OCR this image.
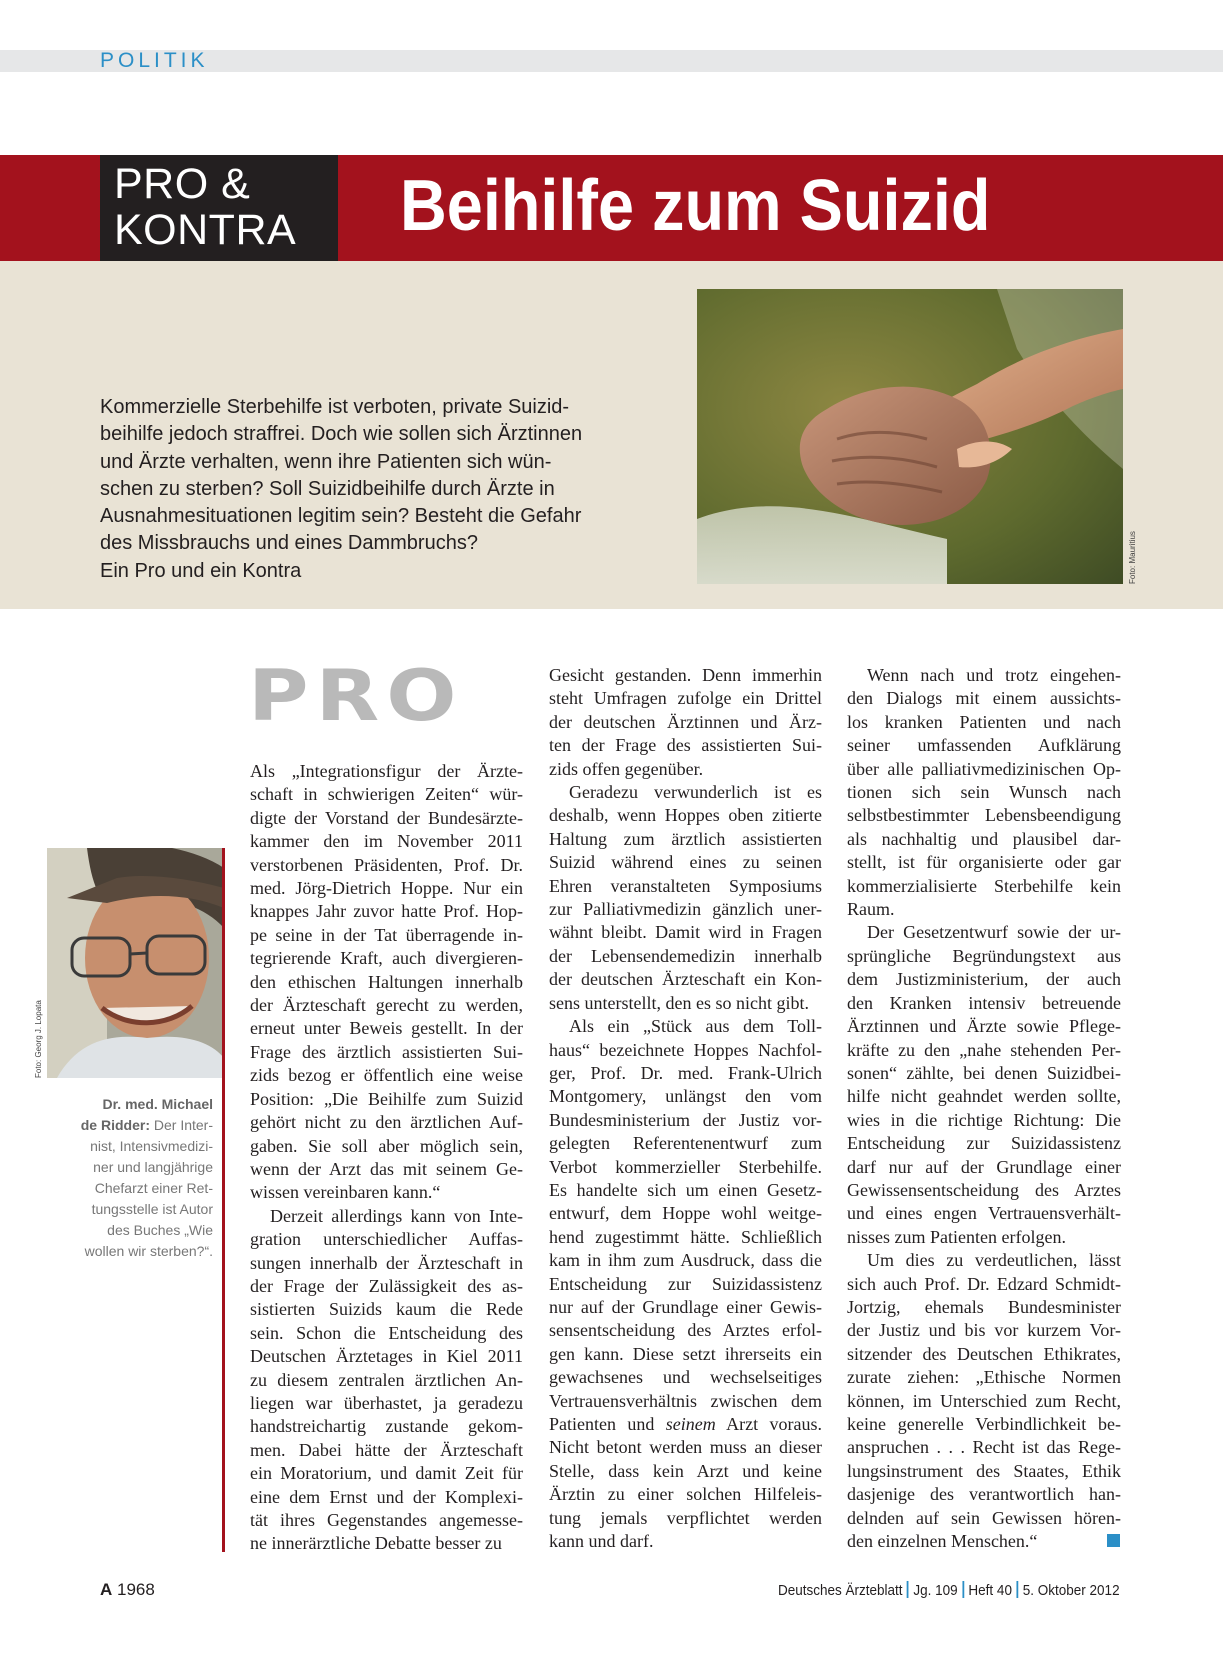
POLITIK
PRO &
KONTRA	Beihilfe zum Suizid
Kommerzielle Sterbehilfe ist verboten, private Suizid-
beihilfe jedoch straffrei. Doch wie sollen sich Ärztinnen
und Ärzte verhalten, wenn ihre Patienten sich wün-
schen zu sterben? Soll Suizidbeihilfe durch Ärzte in
Ausnahmesituationen legitim sein? Besteht die Gefahr
des Missbrauchs und eines Dammbruchs?
Ein Pro und ein Kontra	Foto: Mauritius
PRO
Foto: Georg J. Lopata
Dr. med. Michael
de Ridder: Der Inter-
nist, Intensivmedizi-
ner und langjährige
Chefarzt einer Ret-
tungsstelle ist Autor
des Buches „Wie
wollen wir sterben?“.

Als „Integrationsfigur der Ärzte-
schaft in schwierigen Zeiten“ wür-
digte der Vorstand der Bundesärzte-
kammer den im November 2011
verstorbenen Präsidenten, Prof. Dr.
med. Jörg-Dietrich Hoppe. Nur ein
knappes Jahr zuvor hatte Prof. Hop-
pe seine in der Tat überragende in-
tegrierende Kraft, auch divergieren-
den ethischen Haltungen innerhalb
der Ärzteschaft gerecht zu werden,
erneut unter Beweis gestellt. In der
Frage des ärztlich assistierten Sui-
zids bezog er öffentlich eine weise
Position: „Die Beihilfe zum Suizid
gehört nicht zu den ärztlichen Auf-
gaben. Sie soll aber möglich sein,
wenn der Arzt das mit seinem Ge-
wissen vereinbaren kann.“

Derzeit allerdings kann von Inte-
gration unterschiedlicher Auffas-
sungen innerhalb der Ärzteschaft in
der Frage der Zulässigkeit des as-
sistierten Suizids kaum die Rede
sein. Schon die Entscheidung des
Deutschen Ärztetages in Kiel 2011
zu diesem zentralen ärztlichen An-
liegen war überhastet, ja geradezu
handstreichartig zustande gekom-
men. Dabei hätte der Ärzteschaft
ein Moratorium, und damit Zeit für
eine dem Ernst und der Komplexi-
tät ihres Gegenstandes angemesse-
ne innerärztliche Debatte besser zu

Gesicht gestanden. Denn immerhin
steht Umfragen zufolge ein Drittel
der deutschen Ärztinnen und Ärz-
ten der Frage des assistierten Sui-
zids offen gegenüber.

Geradezu verwunderlich ist es
deshalb, wenn Hoppes oben zitierte
Haltung zum ärztlich assistierten
Suizid während eines zu seinen
Ehren veranstalteten Symposiums
zur Palliativmedizin gänzlich uner-
wähnt bleibt. Damit wird in Fragen
der Lebensendemedizin innerhalb
der deutschen Ärzteschaft ein Kon-
sens unterstellt, den es so nicht gibt.

Als ein „Stück aus dem Toll-
haus“ bezeichnete Hoppes Nachfol-
ger, Prof. Dr. med. Frank-Ulrich
Montgomery, unlängst den vom
Bundesministerium der Justiz vor-
gelegten Referentenentwurf zum
Verbot kommerzieller Sterbehilfe.
Es handelte sich um einen Gesetz-
entwurf, dem Hoppe wohl weitge-
hend zugestimmt hätte. Schließlich
kam in ihm zum Ausdruck, dass die
Entscheidung zur Suizidassistenz
nur auf der Grundlage einer Gewis-
sensentscheidung des Arztes erfol-
gen kann. Diese setzt ihrerseits ein
gewachsenes und wechselseitiges
Vertrauensverhältnis zwischen dem
Patienten und seinem Arzt voraus.
Nicht betont werden muss an dieser
Stelle, dass kein Arzt und keine
Ärztin zu einer solchen Hilfeleis-
tung jemals verpflichtet werden
kann und darf.

Wenn nach und trotz eingehen-
den Dialogs mit einem aussichts-
los kranken Patienten und nach
seiner umfassenden Aufklärung
über alle palliativmedizinischen Op-
tionen sich sein Wunsch nach
selbstbestimmter Lebensbeendigung
als nachhaltig und plausibel dar-
stellt, ist für organisierte oder gar
kommerzialisierte Sterbehilfe kein
Raum.

Der Gesetzentwurf sowie der ur-
sprüngliche Begründungstext aus
dem Justizministerium, der auch
den Kranken intensiv betreuende
Ärztinnen und Ärzte sowie Pflege-
kräfte zu den „nahe stehenden Per-
sonen“ zählte, bei denen Suizidbei-
hilfe nicht geahndet werden sollte,
wies in die richtige Richtung: Die
Entscheidung zur Suizidassistenz
darf nur auf der Grundlage einer
Gewissensentscheidung des Arztes
und eines engen Vertrauensverhält-
nisses zum Patienten erfolgen.

Um dies zu verdeutlichen, lässt
sich auch Prof. Dr. Edzard Schmidt-
Jortzig, ehemals Bundesminister
der Justiz und bis vor kurzem Vor-
sitzender des Deutschen Ethikrates,
zurate ziehen: „Ethische Normen
können, im Unterschied zum Recht,
keine generelle Verbindlichkeit be-
anspruchen . . . Recht ist das Rege-
lungsinstrument des Staates, Ethik
dasjenige des verantwortlich han-
delnden auf sein Gewissen hören-
den einzelnen Menschen.“

A 1968	Deutsches Ärzteblatt Jg. 109 Heft 40 5. Oktober 2012
